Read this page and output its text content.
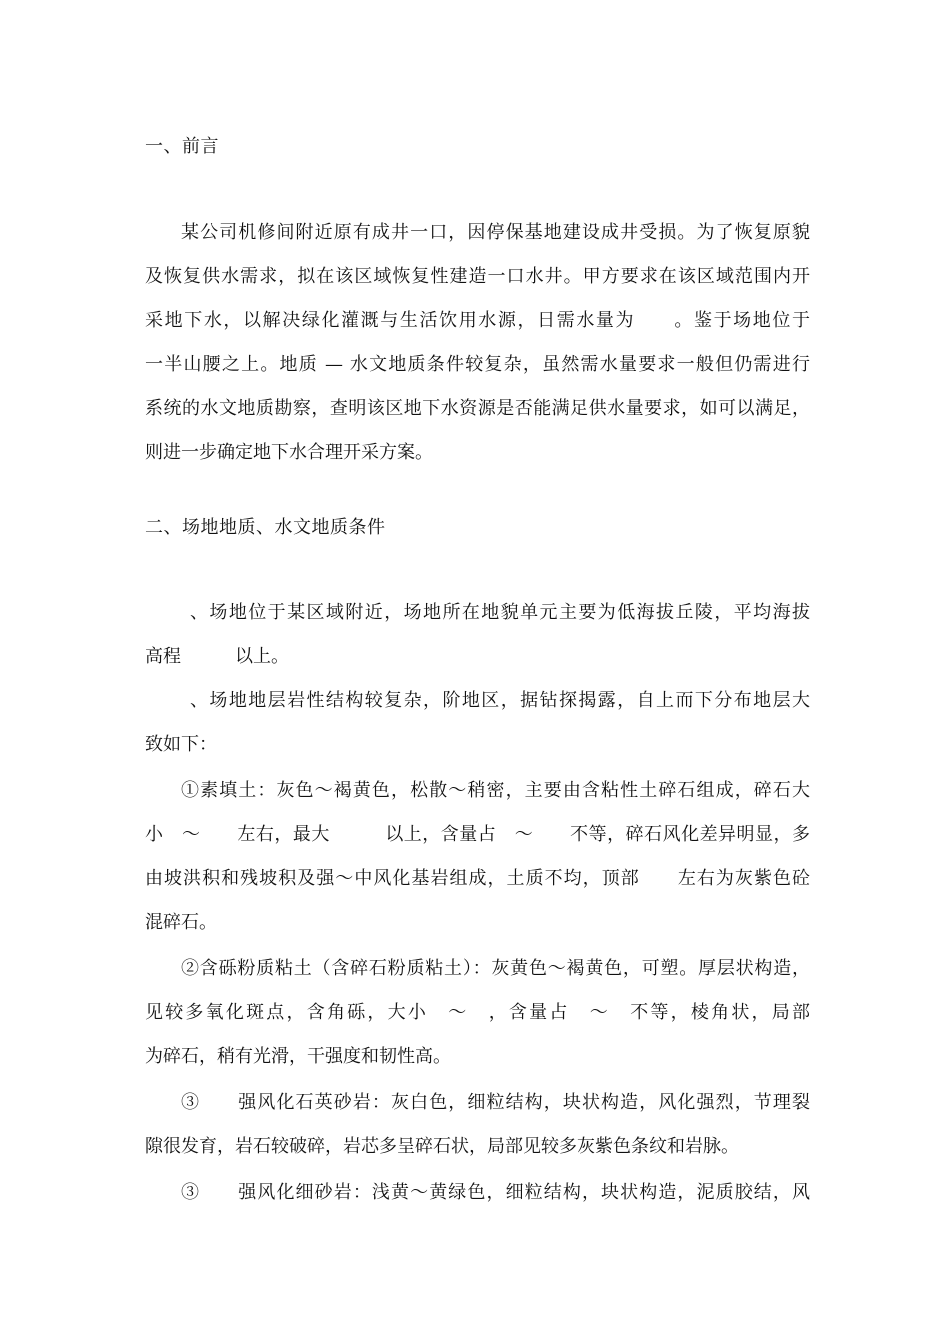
一、前言
某公司机修间附近原有成井一口，因停保基地建设成井受损。为了恢复原貌
及恢复供水需求，拟在该区域恢复性建造一口水井。甲方要求在该区域范围内开
采地下水，以解决绿化灌溉与生活饮用水源，日需水量为　　。鉴于场地位于
一半山腰之上。地质 — 水文地质条件较复杂，虽然需水量要求一般但仍需进行
系统的水文地质勘察，查明该区地下水资源是否能满足供水量要求，如可以满足，
则进一步确定地下水合理开采方案。
二、场地地质、水文地质条件
、场地位于某区域附近，场地所在地貌单元主要为低海拔丘陵，平均海拔
高程　　　以上。
、场地地层岩性结构较复杂，阶地区，据钻探揭露，自上而下分布地层大
致如下：
①素填土：灰色～褐黄色，松散～稍密，主要由含粘性土碎石组成，碎石大
小　～　　左右，最大　　　以上，含量占　～　　不等，碎石风化差异明显，多
由坡洪积和残坡积及强～中风化基岩组成，土质不均，顶部　　左右为灰紫色砼
混碎石。
②含砾粉质粘土（含碎石粉质粘土）：灰黄色～褐黄色，可塑。厚层状构造，
见较多氧化斑点，含角砾，大小　～　，含量占　～　不等，棱角状，局部
为碎石，稍有光滑，干强度和韧性高。
③　　强风化石英砂岩：灰白色，细粒结构，块状构造，风化强烈，节理裂
隙很发育，岩石较破碎，岩芯多呈碎石状，局部见较多灰紫色条纹和岩脉。
③　　强风化细砂岩：浅黄～黄绿色，细粒结构，块状构造，泥质胶结，风
